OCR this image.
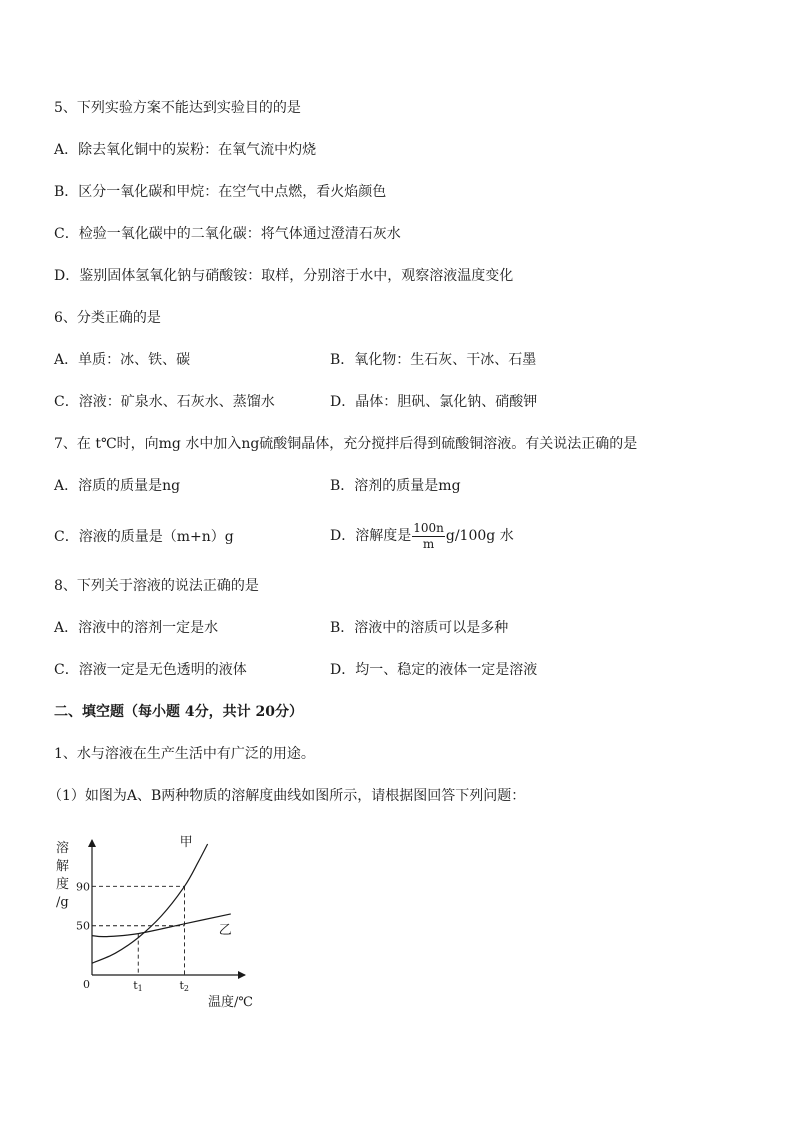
5、下列实验方案不能达到实验目的的是
A．除去氧化铜中的炭粉：在氧气流中灼烧
B．区分一氧化碳和甲烷：在空气中点燃，看火焰颜色
C．检验一氧化碳中的二氧化碳：将气体通过澄清石灰水
D．鉴别固体氢氧化钠与硝酸铵：取样，分别溶于水中，观察溶液温度变化
6、分类正确的是
A．单质：冰、铁、碳	B．氧化物：生石灰、干冰、石墨
C．溶液：矿泉水、石灰水、蒸馏水	D．晶体：胆矾、氯化钠、硝酸钾
7、在 t℃时，向mg 水中加入ng硫酸铜晶体，充分搅拌后得到硫酸铜溶液。有关说法正确的是
A．溶质的质量是ng	B．溶剂的质量是mg
C．溶液的质量是（m+n）g	D．溶解度是 $\frac{100n}{m} g/100g$ 水
8、下列关于溶液的说法正确的是
A．溶液中的溶剂一定是水	B．溶液中的溶质可以是多种
C．溶液一定是无色透明的液体	D．均一、稳定的液体一定是溶液
二、填空题（每小题 4分，共计 20分）
1、水与溶液在生产生活中有广泛的用途。
（1）如图为A、B两种物质的溶解度曲线如图所示，请根据图回答下列问题：
溶
解
度
/g
0
温度/℃
90
50
t1	t2
甲
乙
